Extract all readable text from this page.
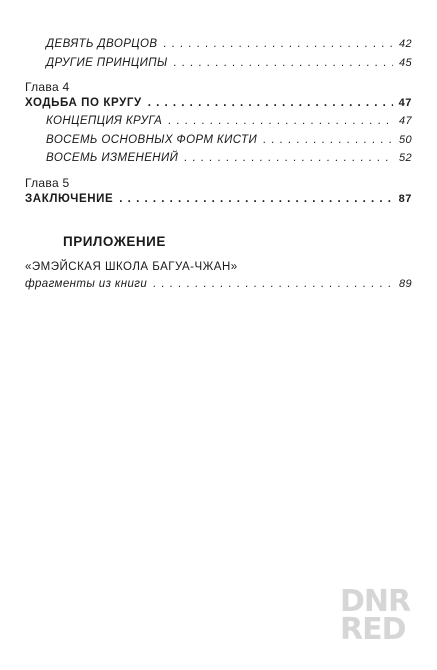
ДЕВЯТЬ ДВОРЦОВ . . .	42
ДРУГИЕ ПРИНЦИПЫ . . .	45
Глава 4
ХОДЬБА ПО КРУГУ . . .	47
КОНЦЕПЦИЯ КРУГА . . .	47
ВОСЕМЬ ОСНОВНЫХ ФОРМ КИСТИ . . .	50
ВОСЕМЬ ИЗМЕНЕНИЙ . . .	52
Глава 5
ЗАКЛЮЧЕНИЕ . . .	87
ПРИЛОЖЕНИЕ
«ЭМЭЙСКАЯ ШКОЛА БАГУА-ЧЖАН»
фрагменты из книги . . .	89
DNR
RED
